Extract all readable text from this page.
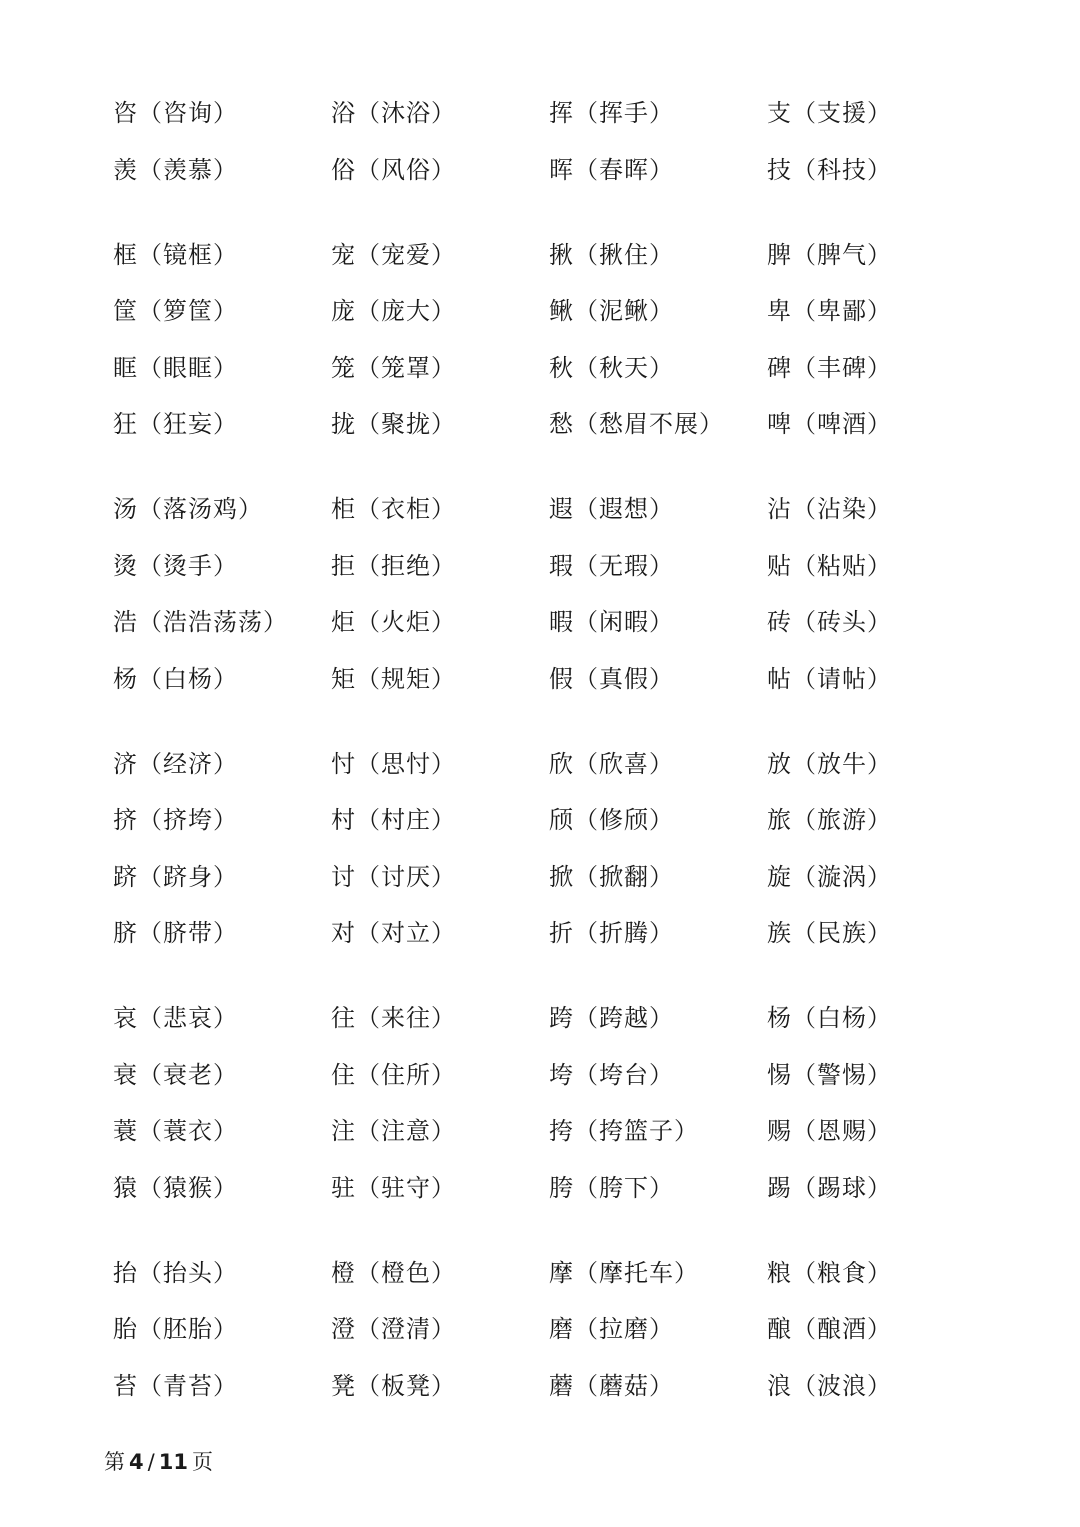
咨（咨询）	浴（沐浴）	挥（挥手）	支（支援）
羡（羡慕）	俗（风俗）	晖（春晖）	技（科技）
框（镜框）	宠（宠爱）	揪（揪住）	脾（脾气）
筐（箩筐）	庞（庞大）	鳅（泥鳅）	卑（卑鄙）
眶（眼眶）	笼（笼罩）	秋（秋天）	碑（丰碑）
狂（狂妄）	拢（聚拢）	愁（愁眉不展） 啤（啤酒）
汤（落汤鸡）	柜（衣柜）	遐（遐想）	沾（沾染）
烫（烫手）	拒（拒绝）	瑕（无瑕）	贴（粘贴）
浩（浩浩荡荡） 炬（火炬）	暇（闲暇）	砖（砖头）
杨（白杨）	矩（规矩）	假（真假）	帖（请帖）
济（经济）	忖（思忖）	欣（欣喜）	放（放牛）
挤（挤垮）	村（村庄）	颀（修颀）	旅（旅游）
跻（跻身）	讨（讨厌）	掀（掀翻）	旋（漩涡）
脐（脐带）	对（对立）	折（折腾）	族（民族）
哀（悲哀）	往（来往）	跨（跨越）	杨（白杨）
衰（衰老）	住（住所）	垮（垮台）	惕（警惕）
蓑（蓑衣）	注（注意）	挎（挎篮子）	赐（恩赐）
猿（猿猴）	驻（驻守）	胯（胯下）	踢（踢球）
抬（抬头）	橙（橙色）	摩（摩托车）	粮（粮食）
胎（胚胎）	澄（澄清）	磨（拉磨）	酿（酿酒）
苔（青苔）	凳（板凳）	蘑（蘑菇）	浪（波浪）
第 4 / 11 页
